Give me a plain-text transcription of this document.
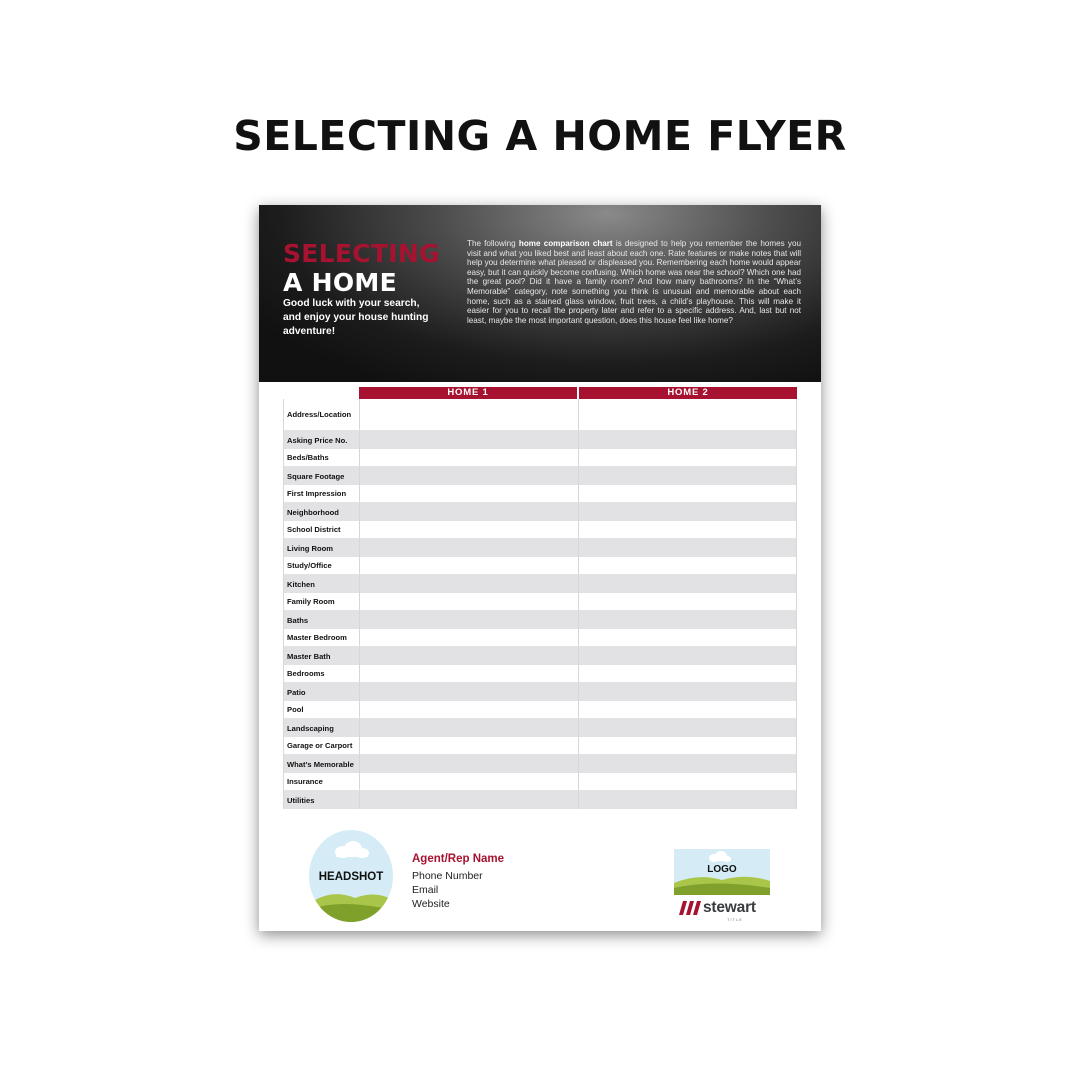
SELECTING A HOME FLYER
SELECTING
A HOME
Good luck with your search, and enjoy your house hunting adventure!
The following home comparison chart is designed to help you remember the homes you visit and what you liked best and least about each one. Rate features or make notes that will help you determine what pleased or displeased you. Remembering each home would appear easy, but it can quickly become confusing. Which home was near the school? Which one had the great pool? Did it have a family room? And how many bathrooms? In the “What’s Memorable” category, note something you think is unusual and memorable about each home, such as a stained glass window, fruit trees, a child’s playhouse. This will make it easier for you to recall the property later and refer to a specific address. And, last but not least, maybe the most important question, does this house feel like home?
HOME 1	HOME 2
Address/Location
Asking Price No.
Beds/Baths
Square Footage
First Impression
Neighborhood
School District
Living Room
Study/Office
Kitchen
Family Room
Baths
Master Bedroom
Master Bath
Bedrooms
Patio
Pool
Landscaping
Garage or Carport
What’s Memorable
Insurance
Utilities
HEADSHOT
Agent/Rep Name
Phone Number
Email
Website
LOGO
stewart
TITLE
